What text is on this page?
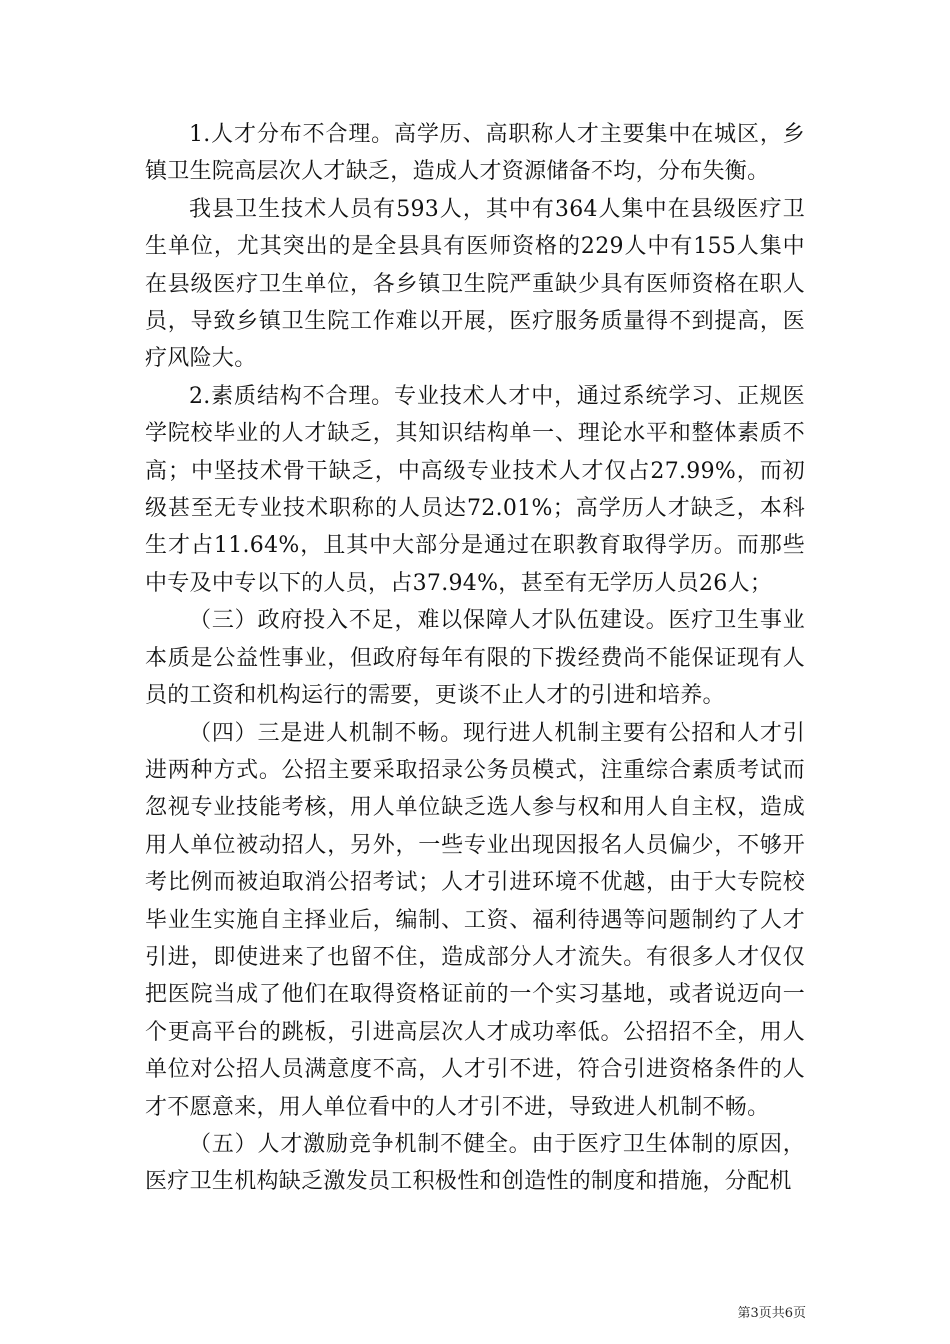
1.人才分布不合理。高学历、高职称人才主要集中在城区，乡镇卫生院高层次人才缺乏，造成人才资源储备不均，分布失衡。

我县卫生技术人员有593人，其中有364人集中在县级医疗卫生单位，尤其突出的是全县具有医师资格的229人中有155人集中在县级医疗卫生单位，各乡镇卫生院严重缺少具有医师资格在职人员，导致乡镇卫生院工作难以开展，医疗服务质量得不到提高，医疗风险大。

2.素质结构不合理。专业技术人才中，通过系统学习、正规医学院校毕业的人才缺乏，其知识结构单一、理论水平和整体素质不高；中坚技术骨干缺乏，中高级专业技术人才仅占27.99%，而初级甚至无专业技术职称的人员达72.01%；高学历人才缺乏，本科生才占11.64%，且其中大部分是通过在职教育取得学历。而那些中专及中专以下的人员，占37.94%，甚至有无学历人员26人；

（三）政府投入不足，难以保障人才队伍建设。医疗卫生事业本质是公益性事业，但政府每年有限的下拨经费尚不能保证现有人员的工资和机构运行的需要，更谈不止人才的引进和培养。

（四）三是进人机制不畅。现行进人机制主要有公招和人才引进两种方式。公招主要采取招录公务员模式，注重综合素质考试而忽视专业技能考核，用人单位缺乏选人参与权和用人自主权，造成用人单位被动招人，另外，一些专业出现因报名人员偏少，不够开考比例而被迫取消公招考试；人才引进环境不优越，由于大专院校毕业生实施自主择业后，编制、工资、福利待遇等问题制约了人才引进，即使进来了也留不住，造成部分人才流失。有很多人才仅仅把医院当成了他们在取得资格证前的一个实习基地，或者说迈向一个更高平台的跳板，引进高层次人才成功率低。公招招不全，用人单位对公招人员满意度不高，人才引不进，符合引进资格条件的人才不愿意来，用人单位看中的人才引不进，导致进人机制不畅。

（五）人才激励竞争机制不健全。由于医疗卫生体制的原因，医疗卫生机构缺乏激发员工积极性和创造性的制度和措施，分配机

第3页共6页
